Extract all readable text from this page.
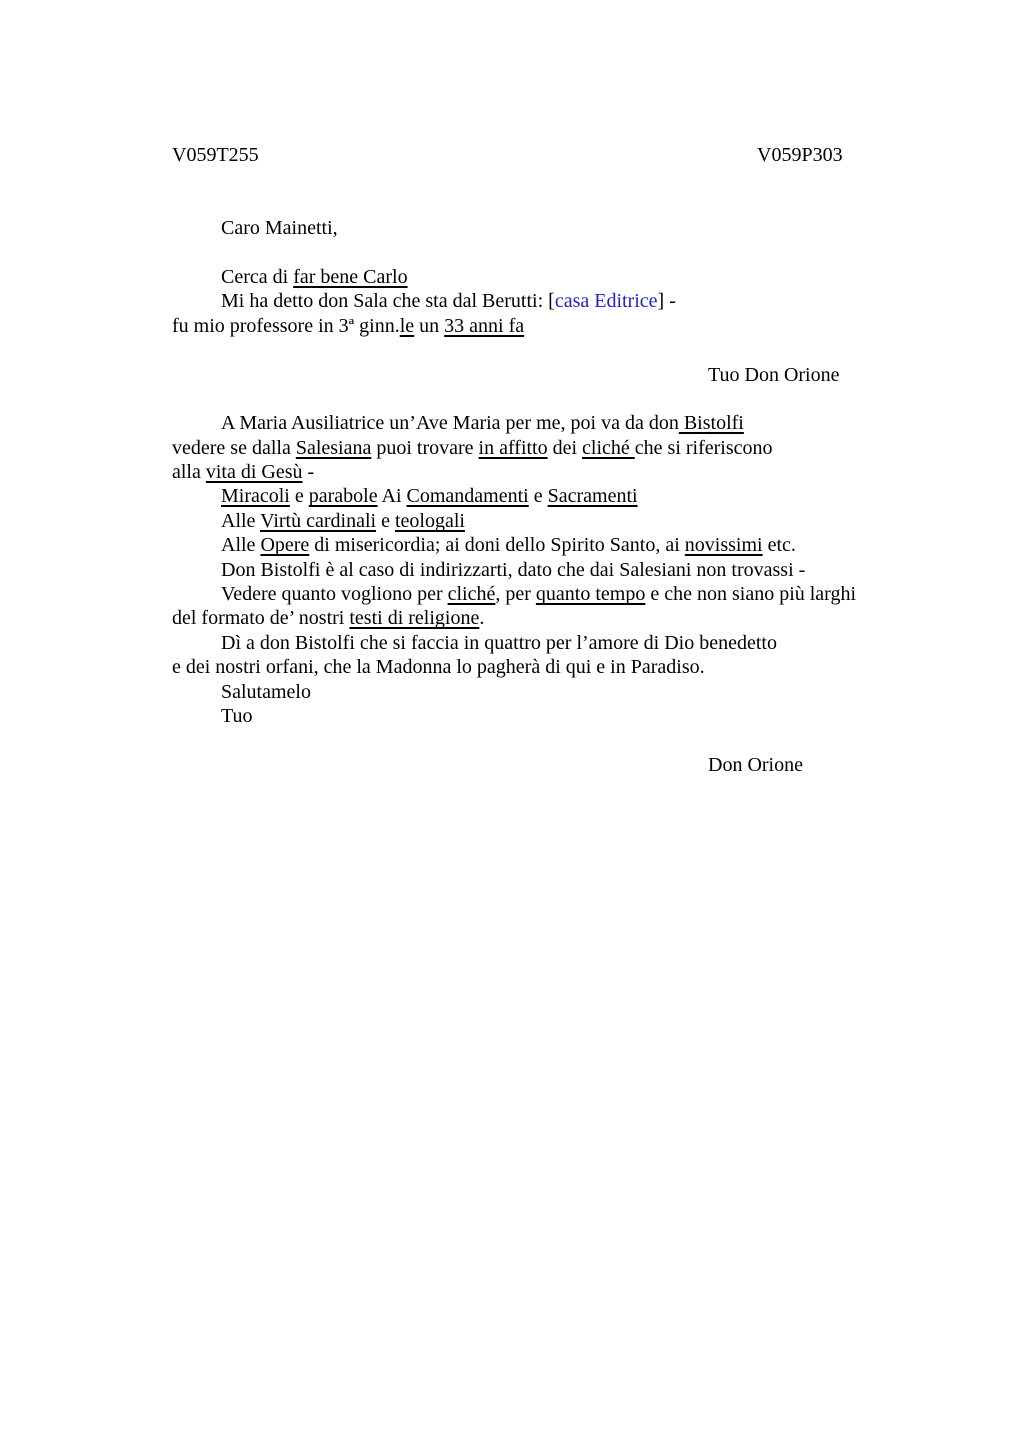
V059T255	V059P303

Caro Mainetti,

Cerca di far bene Carlo
Mi ha detto don Sala che sta dal Berutti: [casa Editrice] -
fu mio professore in 3ª ginn.le un 33 anni fa

Tuo Don Orione

A Maria Ausiliatrice un’Ave Maria per me, poi va da don Bistolfi
vedere se dalla Salesiana puoi trovare in affitto dei cliché che si riferiscono
alla vita di Gesù -
Miracoli e parabole Ai Comandamenti e Sacramenti
Alle Virtù cardinali e teologali
Alle Opere di misericordia; ai doni dello Spirito Santo, ai novissimi etc.
Don Bistolfi è al caso di indirizzarti, dato che dai Salesiani non trovassi -
Vedere quanto vogliono per cliché, per quanto tempo e che non siano più larghi
del formato de’ nostri testi di religione.
Dì a don Bistolfi che si faccia in quattro per l’amore di Dio benedetto
e dei nostri orfani, che la Madonna lo pagherà di qui e in Paradiso.
Salutamelo
Tuo

Don Orione
